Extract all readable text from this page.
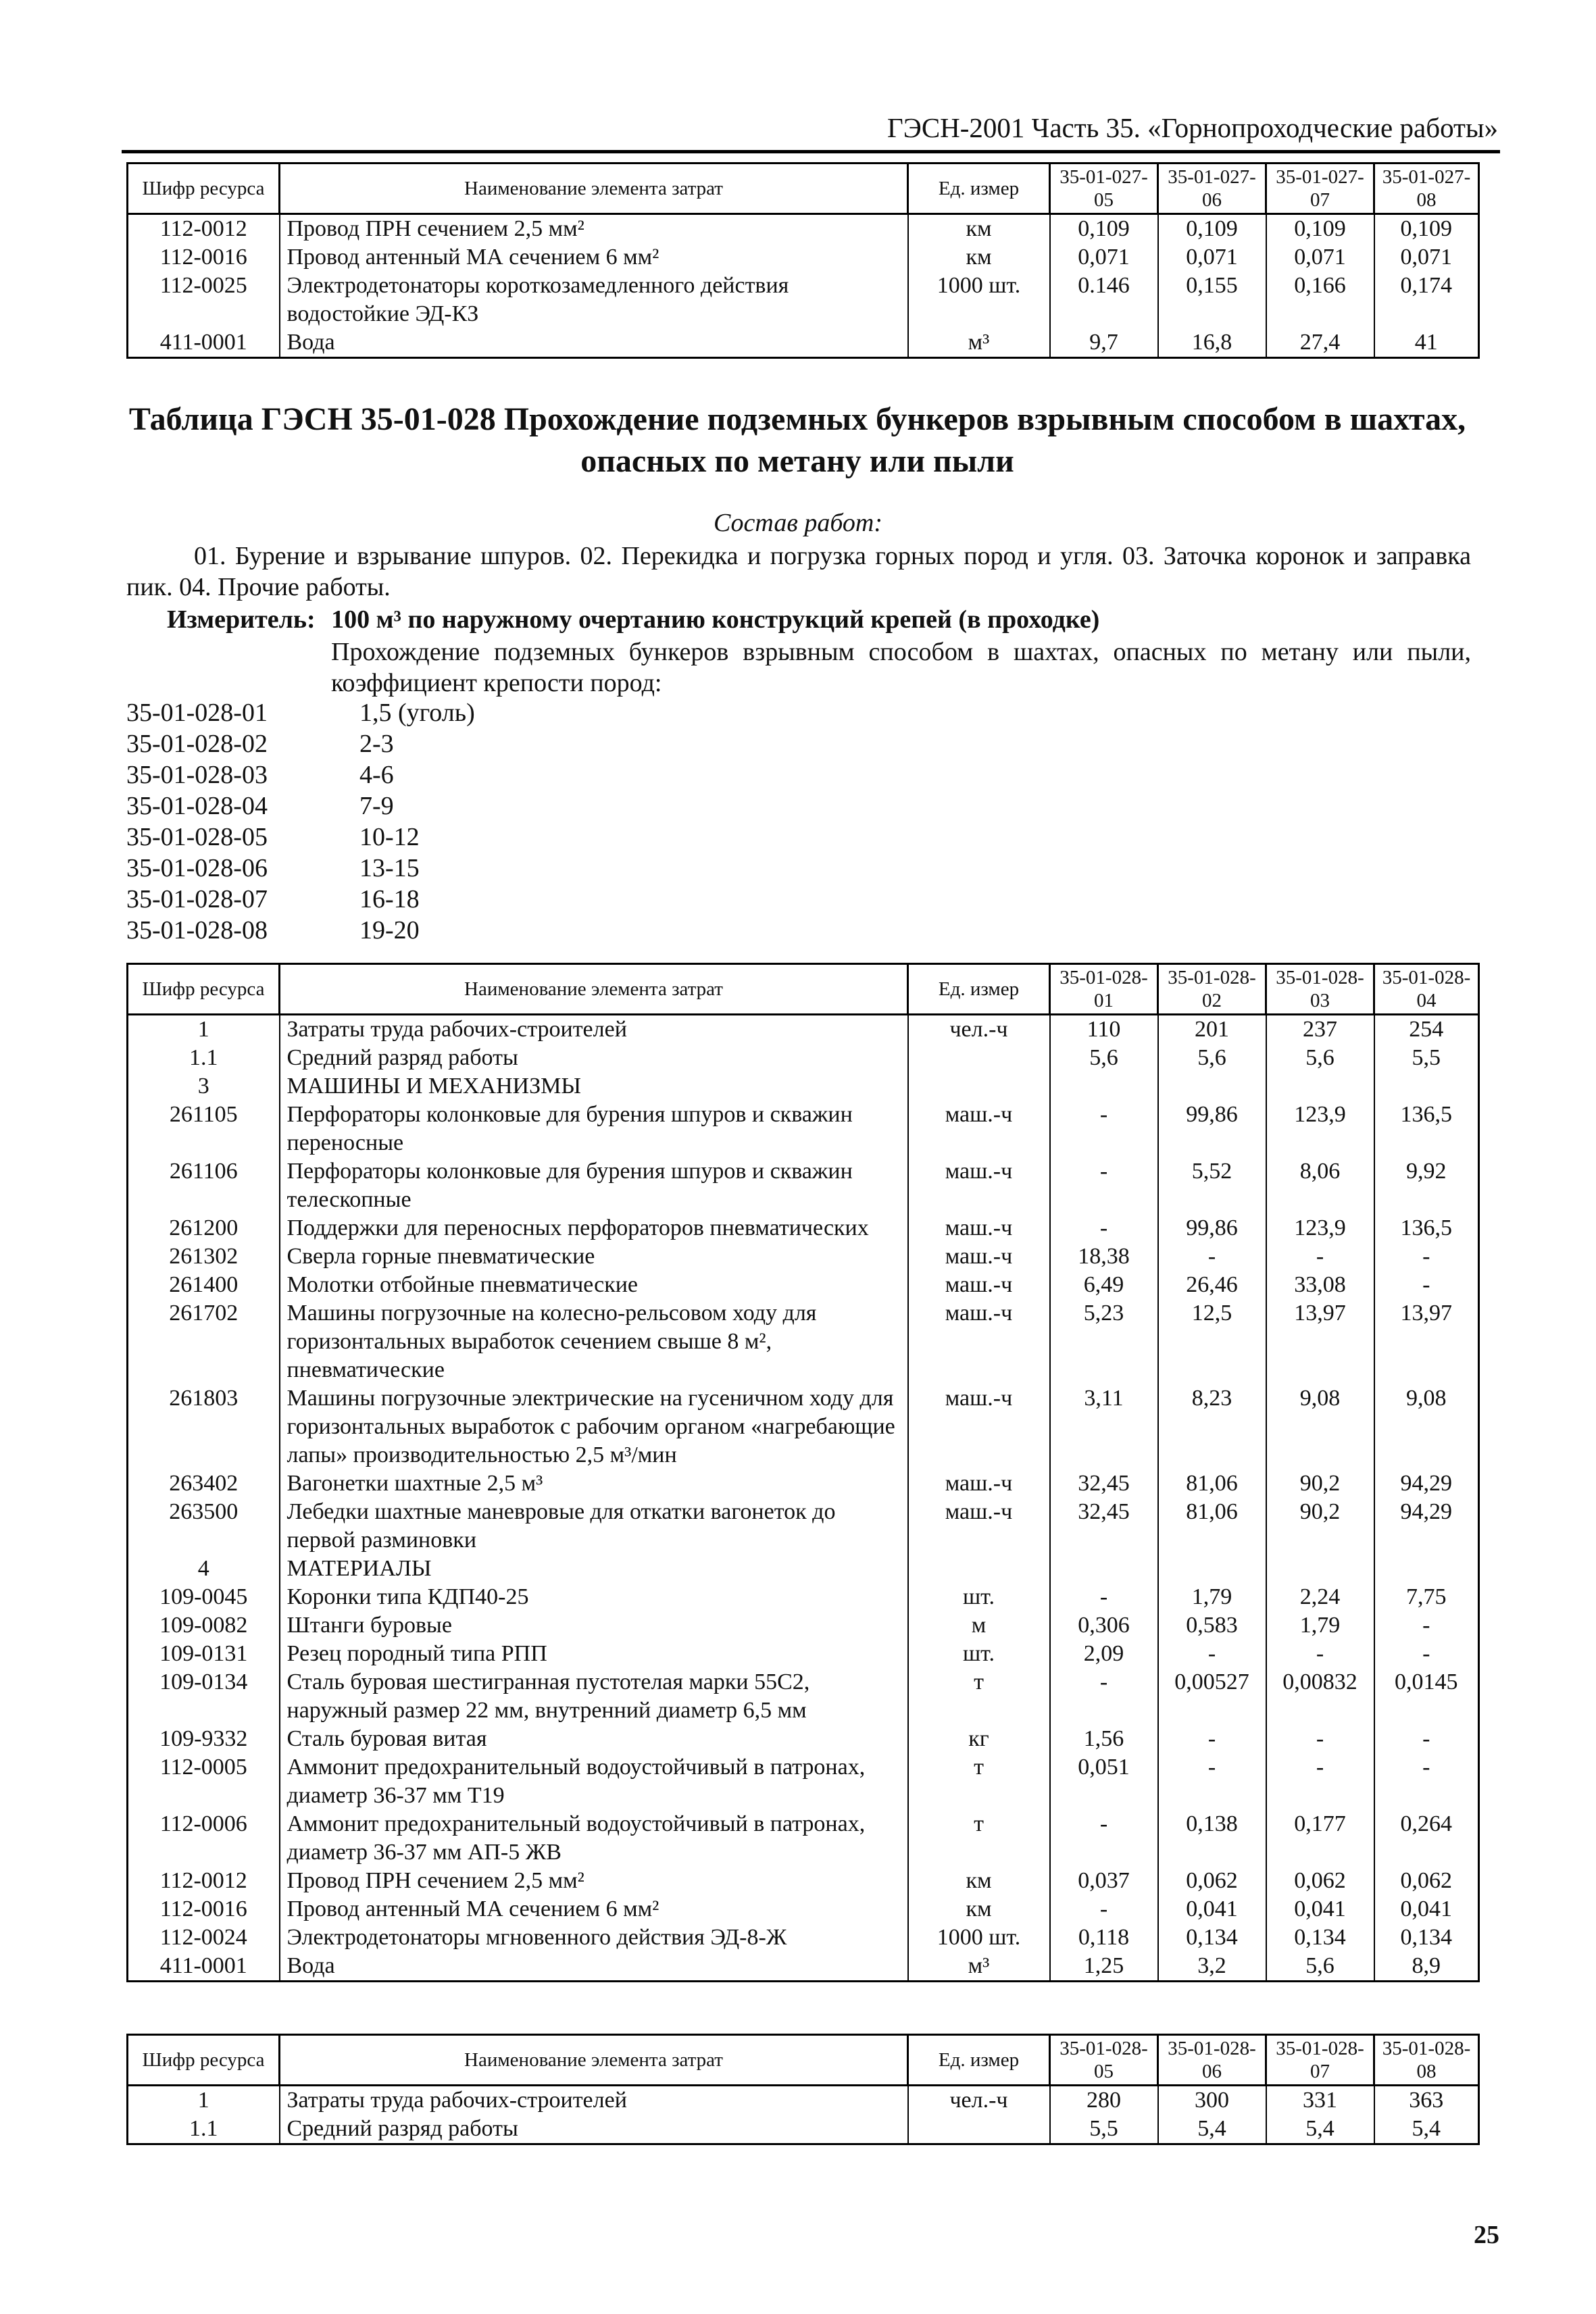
ГЭСН-2001 Часть 35. «Горнопроходческие работы»
Шифр ресурса	Наименование элемента затрат	Ед. измер	35-01-027-05	35-01-027-06	35-01-027-07	35-01-027-08
112-0012	Провод ПРН сечением 2,5 мм²	км	0,109	0,109	0,109	0,109
112-0016	Провод антенный МА сечением 6 мм²	км	0,071	0,071	0,071	0,071
112-0025	Электродетонаторы короткозамедленного действия водостойкие ЭД-КЗ	1000 шт.	0.146	0,155	0,166	0,174
411-0001	Вода	м³	9,7	16,8	27,4	41
Таблица ГЭСН 35-01-028 Прохождение подземных бункеров взрывным способом в шахтах, опасных по метану или пыли
Состав работ:
01. Бурение и взрывание шпуров. 02. Перекидка и погрузка горных пород и угля. 03. Заточка коронок и заправка пик. 04. Прочие работы.
Измеритель: 100 м³ по наружному очертанию конструкций крепей (в проходке)
Прохождение подземных бункеров взрывным способом в шахтах, опасных по метану или пыли, коэффициент крепости пород:
35-01-028-01	1,5 (уголь)
35-01-028-02	2-3
35-01-028-03	4-6
35-01-028-04	7-9
35-01-028-05	10-12
35-01-028-06	13-15
35-01-028-07	16-18
35-01-028-08	19-20
Шифр ресурса	Наименование элемента затрат	Ед. измер	35-01-028-01	35-01-028-02	35-01-028-03	35-01-028-04
1	Затраты труда рабочих-строителей	чел.-ч	110	201	237	254
1.1	Средний разряд работы		5,6	5,6	5,6	5,5
3	МАШИНЫ И МЕХАНИЗМЫ					
261105	Перфораторы колонковые для бурения шпуров и скважин переносные	маш.-ч	-	99,86	123,9	136,5
261106	Перфораторы колонковые для бурения шпуров и скважин телескопные	маш.-ч	-	5,52	8,06	9,92
261200	Поддержки для переносных перфораторов пневматических	маш.-ч	-	99,86	123,9	136,5
261302	Сверла горные пневматические	маш.-ч	18,38	-	-	-
261400	Молотки отбойные пневматические	маш.-ч	6,49	26,46	33,08	-
261702	Машины погрузочные на колесно-рельсовом ходу для горизонтальных выработок сечением свыше 8 м², пневматические	маш.-ч	5,23	12,5	13,97	13,97
261803	Машины погрузочные электрические на гусеничном ходу для горизонтальных выработок с рабочим органом «нагребающие лапы» производительностью 2,5 м³/мин	маш.-ч	3,11	8,23	9,08	9,08
263402	Вагонетки шахтные 2,5 м³	маш.-ч	32,45	81,06	90,2	94,29
263500	Лебедки шахтные маневровые для откатки вагонеток до первой разминовки	маш.-ч	32,45	81,06	90,2	94,29
4	МАТЕРИАЛЫ					
109-0045	Коронки типа КДП40-25	шт.	-	1,79	2,24	7,75
109-0082	Штанги буровые	м	0,306	0,583	1,79	-
109-0131	Резец породный типа РПП	шт.	2,09	-	-	-
109-0134	Сталь буровая шестигранная пустотелая марки 55С2, наружный размер 22 мм, внутренний диаметр 6,5 мм	т	-	0,00527	0,00832	0,0145
109-9332	Сталь буровая витая	кг	1,56	-	-	-
112-0005	Аммонит предохранительный водоустойчивый в патронах, диаметр 36-37 мм Т19	т	0,051	-	-	-
112-0006	Аммонит предохранительный водоустойчивый в патронах, диаметр 36-37 мм АП-5 ЖВ	т	-	0,138	0,177	0,264
112-0012	Провод ПРН сечением 2,5 мм²	км	0,037	0,062	0,062	0,062
112-0016	Провод антенный МА сечением 6 мм²	км	-	0,041	0,041	0,041
112-0024	Электродетонаторы мгновенного действия ЭД-8-Ж	1000 шт.	0,118	0,134	0,134	0,134
411-0001	Вода	м³	1,25	3,2	5,6	8,9
Шифр ресурса	Наименование элемента затрат	Ед. измер	35-01-028-05	35-01-028-06	35-01-028-07	35-01-028-08
1	Затраты труда рабочих-строителей	чел.-ч	280	300	331	363
1.1	Средний разряд работы		5,5	5,4	5,4	5,4
25
